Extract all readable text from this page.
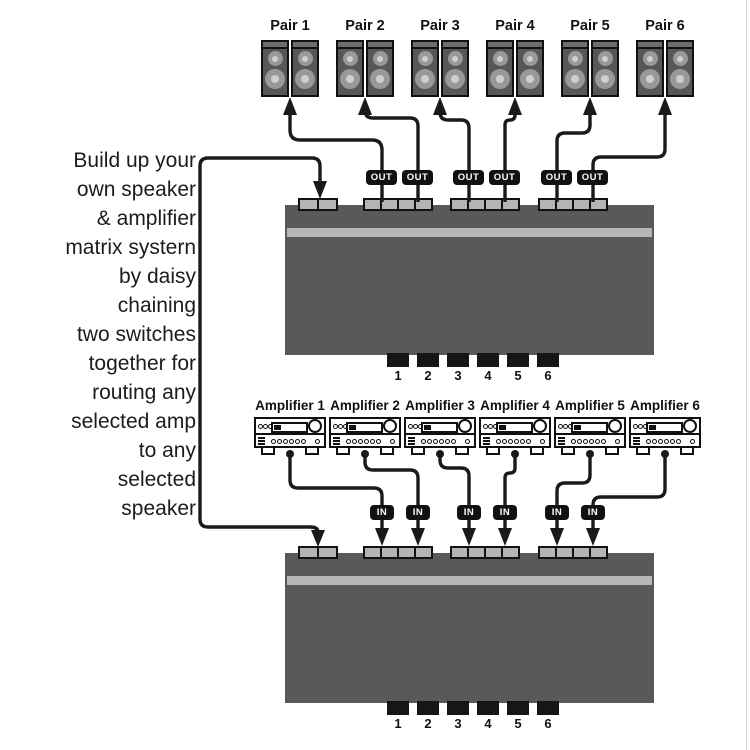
Build up your
own speaker
& amplifier
matrix systern
by daisy
chaining
two switches
together for
routing any
selected amp
to any
selected
speaker
Pair 1	Pair 2	Pair 3	Pair 4	Pair 5	Pair 6
OUT	OUT	OUT	OUT	OUT	OUT
1	2	3	4	5	6
Amplifier 1 Amplifier 2 Amplifier 3 Amplifier 4 Amplifier 5 Amplifier 6
IN	IN	IN	IN	IN	IN
1	2	3	4	5	6
